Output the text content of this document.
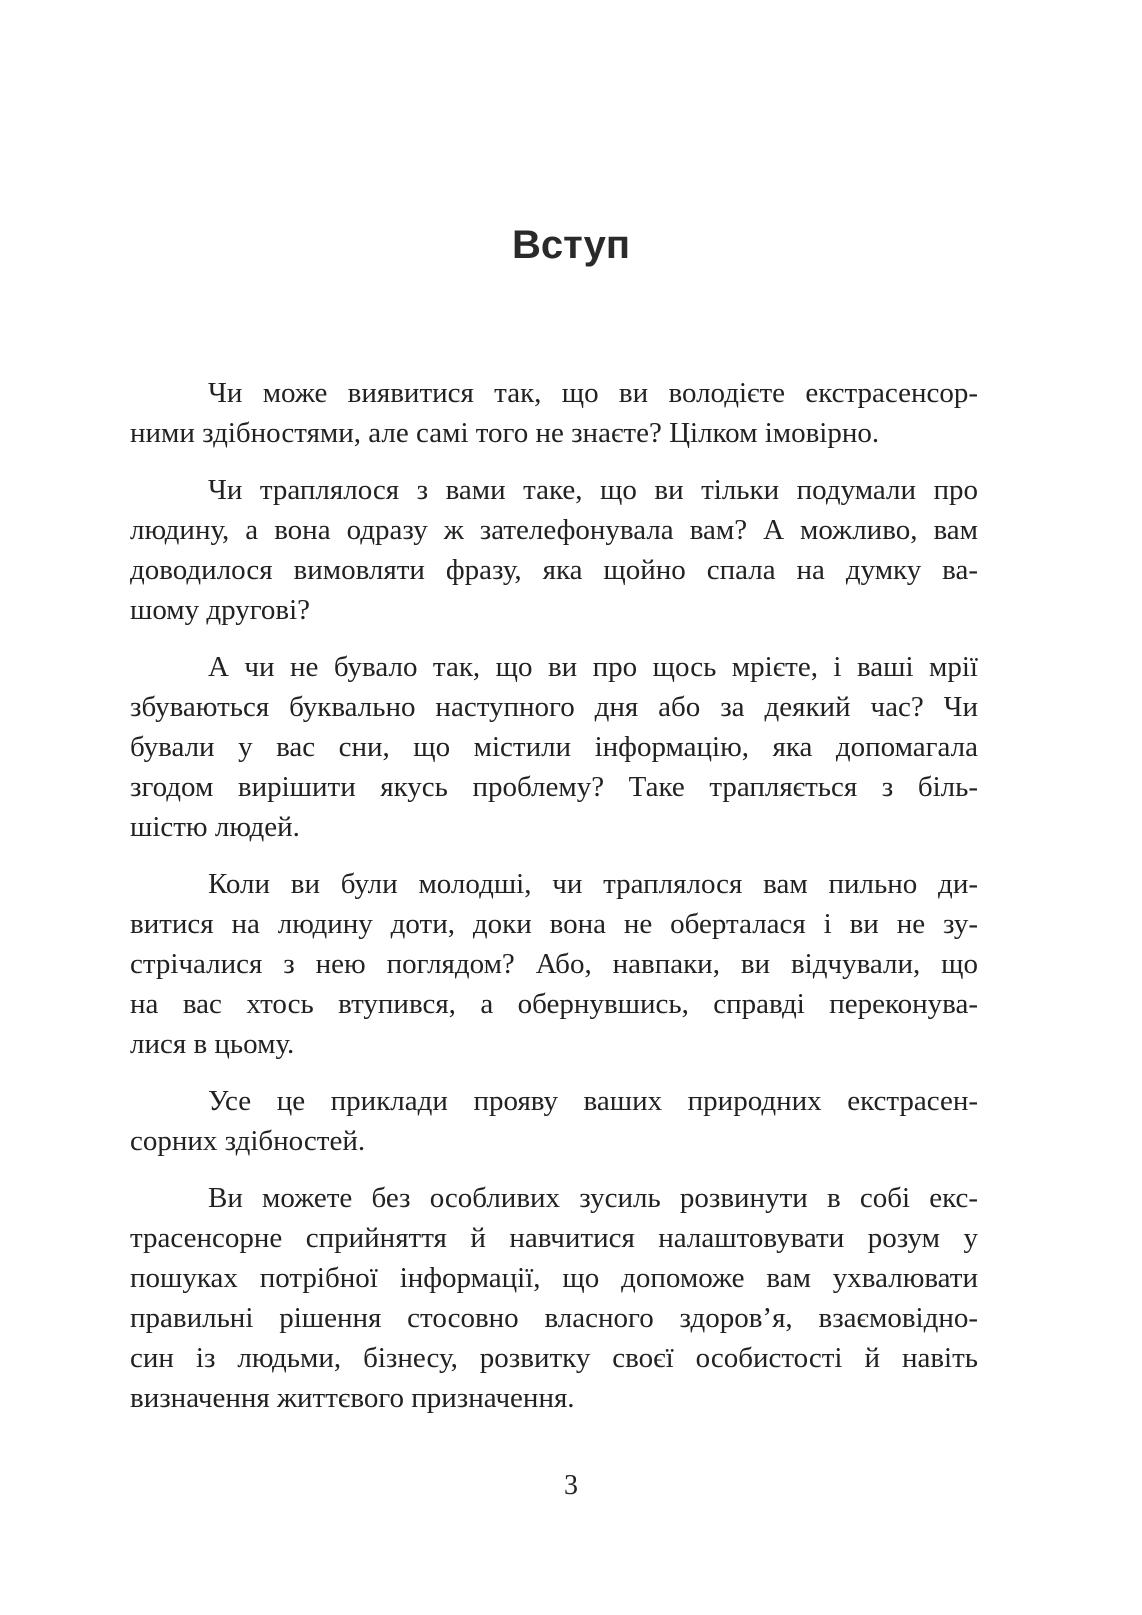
Вступ
Чи може виявитися так, що ви володієте екстрасенсор-
ними здібностями, але самі того не знаєте? Цілком імовірно.
Чи траплялося з вами таке, що ви тільки подумали про
людину, а вона одразу ж зателефонувала вам? А можливо, вам
доводилося вимовляти фразу, яка щойно спала на думку ва-
шому другові?
А чи не бувало так, що ви про щось мрієте, і ваші мрії
збуваються буквально наступного дня або за деякий час? Чи
бували у вас сни, що містили інформацію, яка допомагала
згодом вирішити якусь проблему? Таке трапляється з біль-
шістю людей.
Коли ви були молодші, чи траплялося вам пильно ди-
витися на людину доти, доки вона не оберталася і ви не зу-
стрічалися з нею поглядом? Або, навпаки, ви відчували, що
на вас хтось втупився, а обернувшись, справді переконува-
лися в цьому.
Усе це приклади прояву ваших природних екстрасен-
сорних здібностей.
Ви можете без особливих зусиль розвинути в собі екс-
трасенсорне сприйняття й навчитися налаштовувати розум у
пошуках потрібної інформації, що допоможе вам ухвалювати
правильні рішення стосовно власного здоров’я, взаємовідно-
син із людьми, бізнесу, розвитку своєї особистості й навіть
визначення життєвого призначення.
3
